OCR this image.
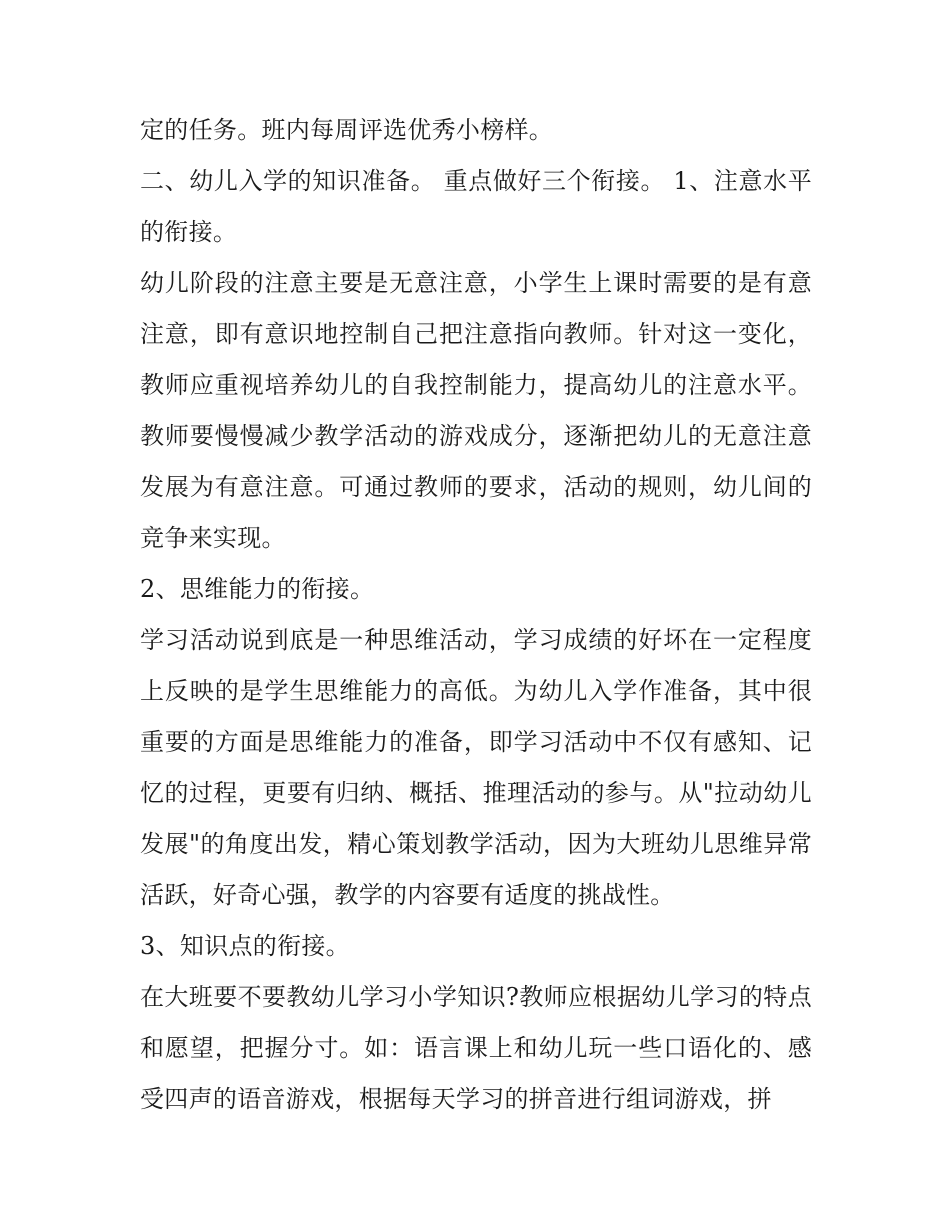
定的任务。班内每周评选优秀小榜样。

二、幼儿入学的知识准备。 重点做好三个衔接。 1、注意水平的衔接。

幼儿阶段的注意主要是无意注意，小学生上课时需要的是有意注意，即有意识地控制自己把注意指向教师。针对这一变化，教师应重视培养幼儿的自我控制能力，提高幼儿的注意水平。教师要慢慢减少教学活动的游戏成分，逐渐把幼儿的无意注意发展为有意注意。可通过教师的要求，活动的规则，幼儿间的竞争来实现。

2、思维能力的衔接。

学习活动说到底是一种思维活动，学习成绩的好坏在一定程度上反映的是学生思维能力的高低。为幼儿入学作准备，其中很重要的方面是思维能力的准备，即学习活动中不仅有感知、记忆的过程，更要有归纳、概括、推理活动的参与。从"拉动幼儿发展"的角度出发，精心策划教学活动，因为大班幼儿思维异常活跃，好奇心强，教学的内容要有适度的挑战性。

3、知识点的衔接。

在大班要不要教幼儿学习小学知识?教师应根据幼儿学习的特点和愿望，把握分寸。如：语言课上和幼儿玩一些口语化的、感受四声的语音游戏，根据每天学习的拼音进行组词游戏，拼
